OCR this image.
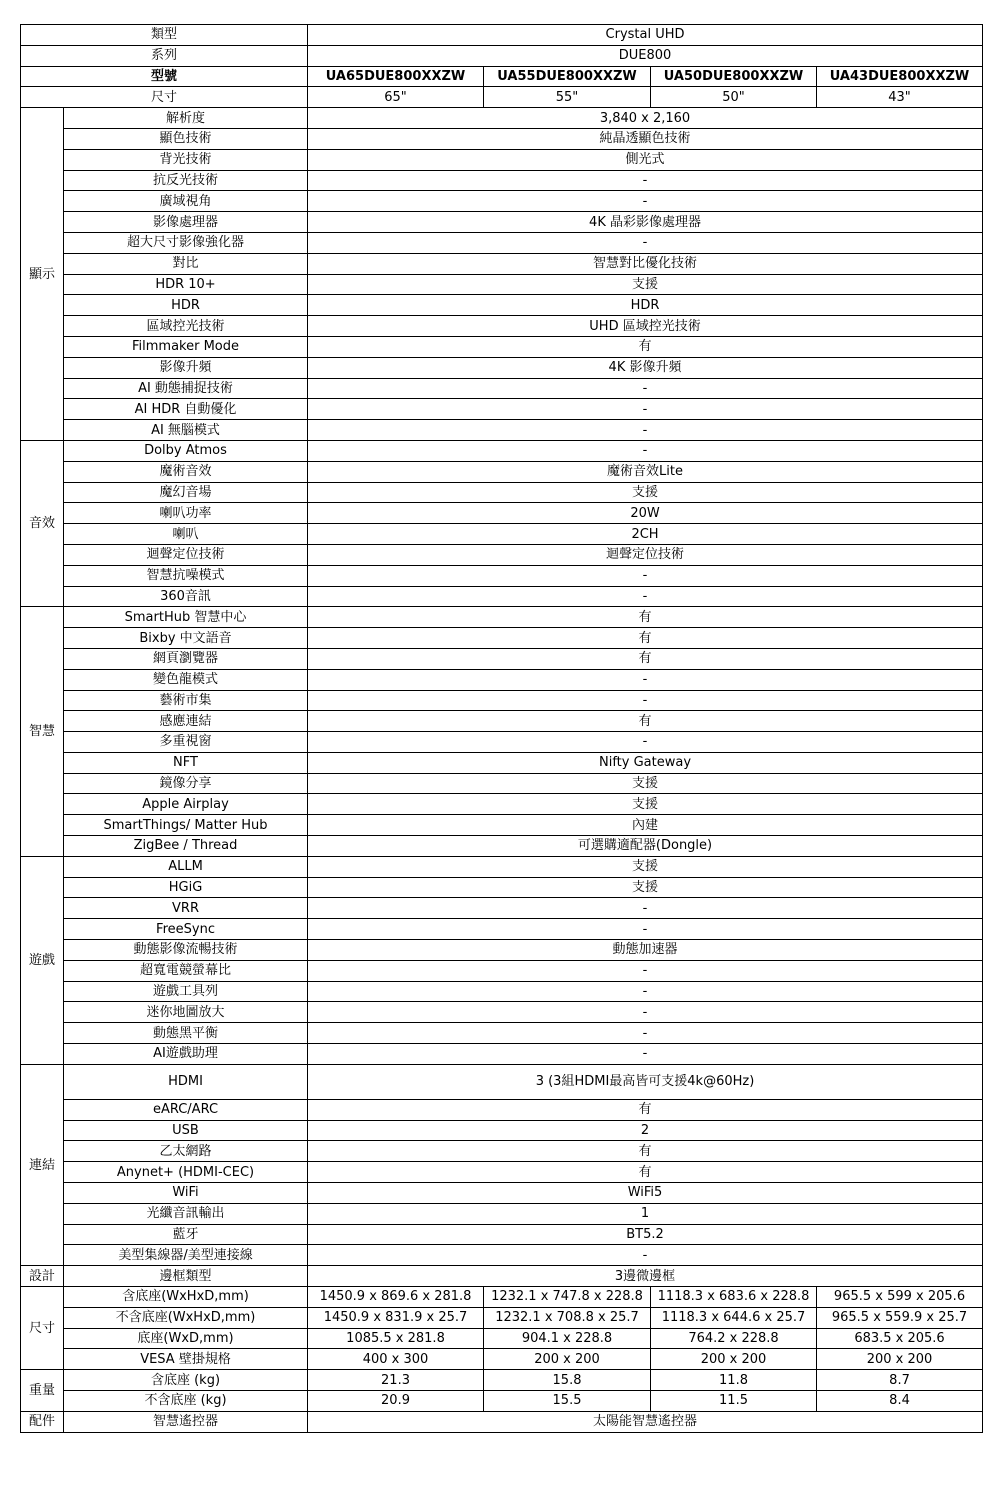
類型		Crystal UHD			
系列		DUE800			
型號		UA65DUE800XXZW	UA55DUE800XXZW	UA50DUE800XXZW	UA43DUE800XXZW
尺寸		65"	55"	50"	43"
顯示	解析度	3,840 x 2,160			
	顯色技術	純晶透顯色技術			
	背光技術	側光式			
	抗反光技術	-			
	廣域視角	-			
	影像處理器	4K 晶彩影像處理器			
	超大尺寸影像強化器	-			
	對比	智慧對比優化技術			
	HDR 10+	支援			
	HDR	HDR			
	區域控光技術	UHD 區域控光技術			
	Filmmaker Mode	有			
	影像升頻	4K 影像升頻			
	AI 動態捕捉技術	-			
	AI HDR 自動優化	-			
	AI 無腦模式	-			
音效	Dolby Atmos	-			
	魔術音效	魔術音效Lite			
	魔幻音場	支援			
	喇叭功率	20W			
	喇叭	2CH			
	迴聲定位技術	迴聲定位技術			
	智慧抗噪模式	-			
	360音訊	-			
智慧	SmartHub 智慧中心	有			
	Bixby 中文語音	有			
	網頁瀏覽器	有			
	變色龍模式	-			
	藝術市集	-			
	感應連結	有			
	多重視窗	-			
	NFT	Nifty Gateway			
	鏡像分享	支援			
	Apple Airplay	支援			
	SmartThings/ Matter Hub	內建			
	ZigBee / Thread	可選購適配器(Dongle)			
遊戲	ALLM	支援			
	HGiG	支援			
	VRR	-			
	FreeSync	-			
	動態影像流暢技術	動態加速器			
	超寬電競螢幕比	-			
	遊戲工具列	-			
	迷你地圖放大	-			
	動態黑平衡	-			
	AI遊戲助理	-			
連結	HDMI	3 (3組HDMI最高皆可支援4k@60Hz)			
	eARC/ARC	有			
	USB	2			
	乙太網路	有			
	Anynet+ (HDMI-CEC)	有			
	WiFi	WiFi5			
	光纖音訊輸出	1			
	藍牙	BT5.2			
	美型集線器/美型連接線	-			
設計	邊框類型	3邊微邊框			
尺寸	含底座(WxHxD,mm)	1450.9 x 869.6 x 281.8	1232.1 x 747.8 x 228.8	1118.3 x 683.6 x 228.8	965.5 x 599 x 205.6
	不含底座(WxHxD,mm)	1450.9 x 831.9 x 25.7	1232.1 x 708.8 x 25.7	1118.3 x 644.6 x 25.7	965.5 x 559.9 x 25.7
	底座(WxD,mm)	1085.5 x 281.8	904.1 x 228.8	764.2 x 228.8	683.5 x 205.6
	VESA 壁掛規格	400 x 300	200 x 200	200 x 200	200 x 200
重量	含底座 (kg)	21.3	15.8	11.8	8.7
	不含底座 (kg)	20.9	15.5	11.5	8.4
配件	智慧遙控器	太陽能智慧遙控器			
